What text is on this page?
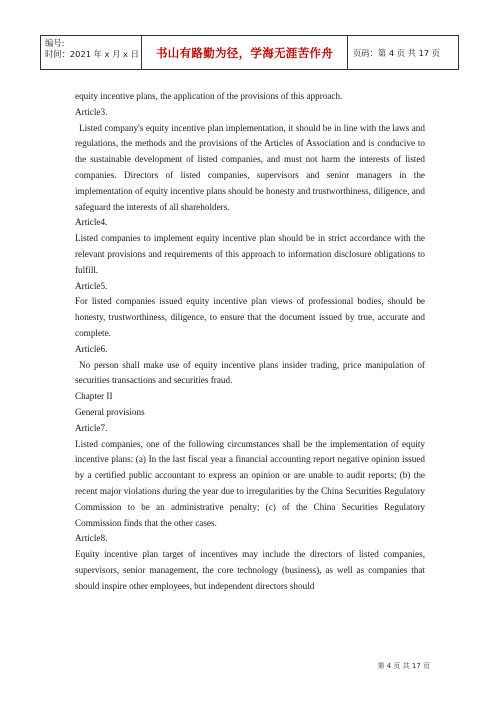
编号:
时间：2021 年 x 月 x 日	书山有路勤为径，学海无涯苦作舟	页码：第 4 页 共 17 页

equity incentive plans, the application of the provisions of this approach.

Article3.

Listed company's equity incentive plan implementation, it should be in line with the laws and regulations, the methods and the provisions of the Articles of Association and is conducive to the sustainable development of listed companies, and must not harm the interests of listed companies. Directors of listed companies, supervisors and senior managers in the implementation of equity incentive plans should be honesty and trustworthiness, diligence, and safeguard the interests of all shareholders.

Article4.

Listed companies to implement equity incentive plan should be in strict accordance with the relevant provisions and requirements of this approach to information disclosure obligations to fulfill.

Article5.

For listed companies issued equity incentive plan views of professional bodies, should be honesty, trustworthiness, diligence, to ensure that the document issued by true, accurate and complete.

Article6.

No person shall make use of equity incentive plans insider trading, price manipulation of securities transactions and securities fraud.

Chapter II

General provisions

Article7.

Listed companies, one of the following circumstances shall be the implementation of equity incentive plans: (a) In the last fiscal year a financial accounting report negative opinion issued by a certified public accountant to express an opinion or are unable to audit reports; (b) the recent major violations during the year due to irregularities by the China Securities Regulatory Commission to be an administrative penalty; (c) of the China Securities Regulatory Commission finds that the other cases.

Article8.

Equity incentive plan target of incentives may include the directors of listed companies, supervisors, senior management, the core technology (business), as well as companies that should inspire other employees, but independent directors should

第 4 页 共 17 页
